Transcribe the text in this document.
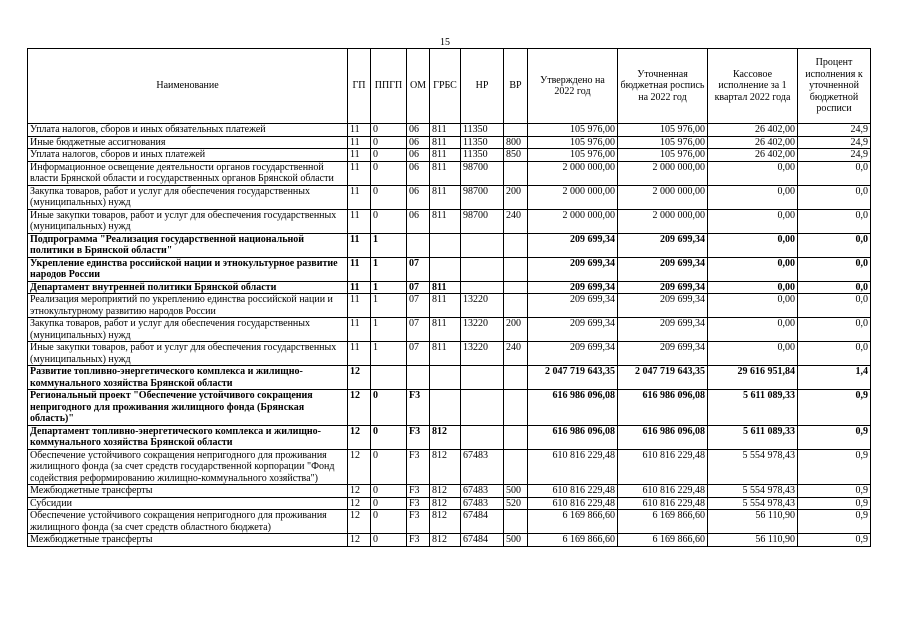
15
Наименование	ГП	ППГП	ОМ	ГРБС	НР	ВР	Утверждено на 2022 год	Уточненная бюджетная роспись на 2022 год	Кассовое исполнение за 1 квартал 2022 года	Процент исполнения к уточненной бюджетной росписи
Уплата налогов, сборов и иных обязательных платежей	11	0	06	811	11350		105 976,00	105 976,00	26 402,00	24,9
Иные бюджетные ассигнования	11	0	06	811	11350	800	105 976,00	105 976,00	26 402,00	24,9
Уплата налогов, сборов и иных платежей	11	0	06	811	11350	850	105 976,00	105 976,00	26 402,00	24,9
Информационное освещение деятельности органов государственной власти Брянской области и государственных органов Брянской области	11	0	06	811	98700		2 000 000,00	2 000 000,00	0,00	0,0
Закупка товаров, работ и услуг для обеспечения государственных (муниципальных) нужд	11	0	06	811	98700	200	2 000 000,00	2 000 000,00	0,00	0,0
Иные закупки товаров, работ и услуг для обеспечения государственных (муниципальных) нужд	11	0	06	811	98700	240	2 000 000,00	2 000 000,00	0,00	0,0
Подпрограмма "Реализация государственной национальной политики в Брянской области"	11	1					209 699,34	209 699,34	0,00	0,0
Укрепление единства российской нации и этнокультурное развитие народов России	11	1	07				209 699,34	209 699,34	0,00	0,0
Департамент внутренней политики Брянской области	11	1	07	811			209 699,34	209 699,34	0,00	0,0
Реализация мероприятий по укреплению единства российской нации и этнокультурному развитию народов России	11	1	07	811	13220		209 699,34	209 699,34	0,00	0,0
Закупка товаров, работ и услуг для обеспечения государственных (муниципальных) нужд	11	1	07	811	13220	200	209 699,34	209 699,34	0,00	0,0
Иные закупки товаров, работ и услуг для обеспечения государственных (муниципальных) нужд	11	1	07	811	13220	240	209 699,34	209 699,34	0,00	0,0
Развитие топливно-энергетического комплекса и жилищно-коммунального хозяйства Брянской области	12						2 047 719 643,35	2 047 719 643,35	29 616 951,84	1,4
Региональный проект "Обеспечение устойчивого сокращения непригодного для проживания жилищного фонда (Брянская область)"	12	0	F3				616 986 096,08	616 986 096,08	5 611 089,33	0,9
Департамент топливно-энергетического комплекса и жилищно-коммунального хозяйства Брянской области	12	0	F3	812			616 986 096,08	616 986 096,08	5 611 089,33	0,9
Обеспечение устойчивого сокращения непригодного для проживания жилищного фонда (за счет средств государственной корпорации "Фонд содействия реформированию жилищно-коммунального хозяйства")	12	0	F3	812	67483		610 816 229,48	610 816 229,48	5 554 978,43	0,9
Межбюджетные трансферты	12	0	F3	812	67483	500	610 816 229,48	610 816 229,48	5 554 978,43	0,9
Субсидии	12	0	F3	812	67483	520	610 816 229,48	610 816 229,48	5 554 978,43	0,9
Обеспечение устойчивого сокращения непригодного для проживания жилищного фонда (за счет средств областного бюджета)	12	0	F3	812	67484		6 169 866,60	6 169 866,60	56 110,90	0,9
Межбюджетные трансферты	12	0	F3	812	67484	500	6 169 866,60	6 169 866,60	56 110,90	0,9
